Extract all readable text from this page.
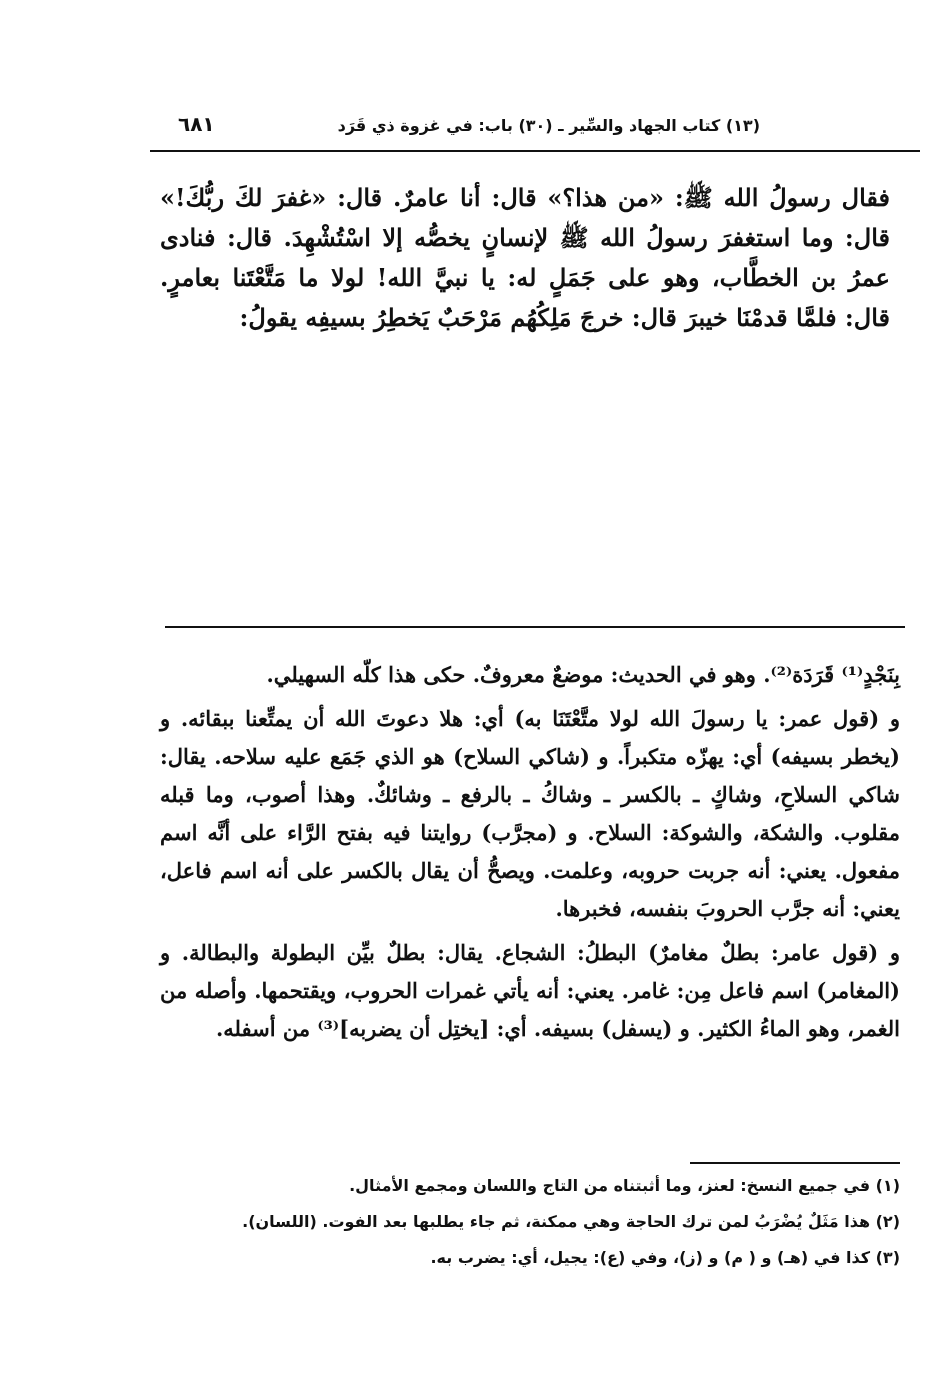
(١٣) كتاب الجهاد والسِّير ـ (٣٠) باب: في غزوة ذي قَرَد
٦٨١

فقال رسولُ الله ﷺ: «من هذا؟» قال: أنا عامرٌ. قال: «غفرَ لكَ ربُّكَ!» قال: وما استغفرَ رسولُ الله ﷺ لإنسانٍ يخصُّه إلا اسْتُشْهِدَ. قال: فنادى عمرُ بن الخطَّاب، وهو على جَمَلٍ له: يا نبيَّ الله! لولا ما مَتَّعْتَنا بعامرٍ. قال: فلمَّا قدمْنَا خيبرَ قال: خرجَ مَلِكُهُم مَرْحَبٌ يَخطِرُ بسيفِه يقولُ:

بِنَجْدٍ⁽¹⁾ قَرَدَة⁽²⁾. وهو في الحديث: موضعٌ معروفٌ. حكى هذا كلّه السهيلي.

و (قول عمر: يا رسولَ الله لولا متَّعْتَنَا به) أي: هلا دعوتَ الله أن يمتِّعنا ببقائه. و (يخطر بسيفه) أي: يهزّه متكبراً. و (شاكي السلاح) هو الذي جَمَع عليه سلاحه. يقال: شاكي السلاحِ، وشاكٍ ـ بالكسر ـ وشاكُ ـ بالرفع ـ وشائكٌ. وهذا أصوب، وما قبله مقلوب. والشكة، والشوكة: السلاح. و (مجرَّب) روايتنا فيه بفتح الرَّاء على أنَّه اسم مفعول. يعني: أنه جربت حروبه، وعلمت. ويصحُّ أن يقال بالكسر على أنه اسم فاعل، يعني: أنه جرَّب الحروبَ بنفسه، فخبرها.

و (قول عامر: بطلٌ مغامرٌ) البطلُ: الشجاع. يقال: بطلٌ بيِّن البطولة والبطالة. و (المغامر) اسم فاعل مِن: غامر. يعني: أنه يأتي غمرات الحروب، ويقتحمها. وأصله من الغمر، وهو الماءُ الكثير. و (يسفل) بسيفه. أي: [يختِل أن يضربه]⁽³⁾ من أسفله.

(١) في جميع النسخ: لعنز، وما أثبتناه من التاج واللسان ومجمع الأمثال.
(٢) هذا مَثَلٌ يُضْرَبُ لمن ترك الحاجة وهي ممكنة، ثم جاء يطلبها بعد الفوت. (اللسان).
(٣) كذا في (هـ) و ( م) و (ز)، وفي (ع): يجيل، أي: يضرب به.
